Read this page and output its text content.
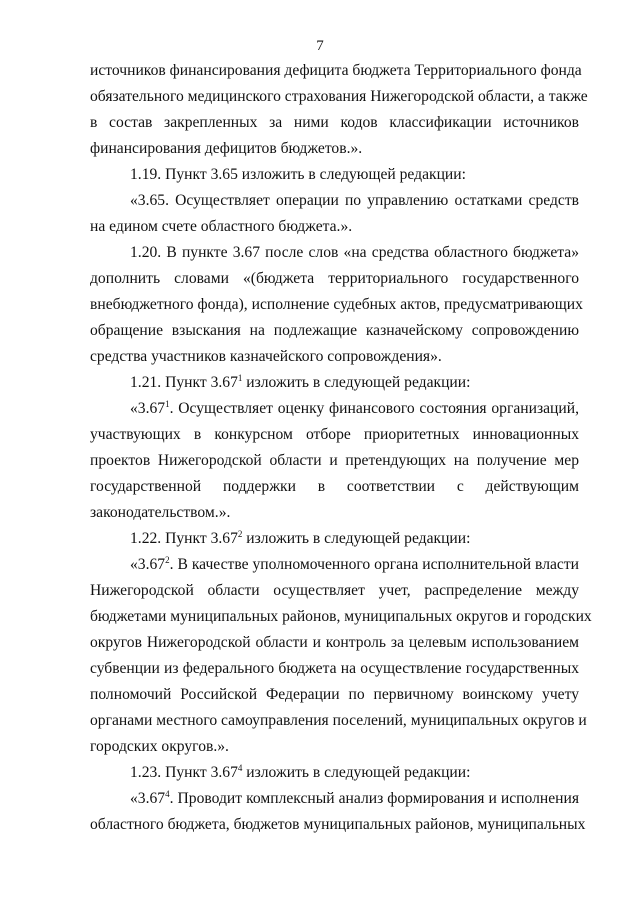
7
источников финансирования дефицита бюджета Территориального фонда
обязательного медицинского страхования Нижегородской области, а также
в состав закрепленных за ними кодов классификации источников
финансирования дефицитов бюджетов.».
1.19. Пункт 3.65 изложить в следующей редакции:
«3.65. Осуществляет операции по управлению остатками средств
на едином счете областного бюджета.».
1.20. В пункте 3.67 после слов «на средства областного бюджета»
дополнить словами «(бюджета территориального государственного
внебюджетного фонда), исполнение судебных актов, предусматривающих
обращение взыскания на подлежащие казначейскому сопровождению
средства участников казначейского сопровождения».
1.21. Пункт 3.67$^1$ изложить в следующей редакции:
«3.67$^1$. Осуществляет оценку финансового состояния организаций,
участвующих в конкурсном отборе приоритетных инновационных
проектов Нижегородской области и претендующих на получение мер
государственной поддержки в соответствии с действующим
законодательством.».
1.22. Пункт 3.67$^2$ изложить в следующей редакции:
«3.67$^2$. В качестве уполномоченного органа исполнительной власти
Нижегородской области осуществляет учет, распределение между
бюджетами муниципальных районов, муниципальных округов и городских
округов Нижегородской области и контроль за целевым использованием
субвенции из федерального бюджета на осуществление государственных
полномочий Российской Федерации по первичному воинскому учету
органами местного самоуправления поселений, муниципальных округов и
городских округов.».
1.23. Пункт 3.67$^4$ изложить в следующей редакции:
«3.67$^4$. Проводит комплексный анализ формирования и исполнения
областного бюджета, бюджетов муниципальных районов, муниципальных
